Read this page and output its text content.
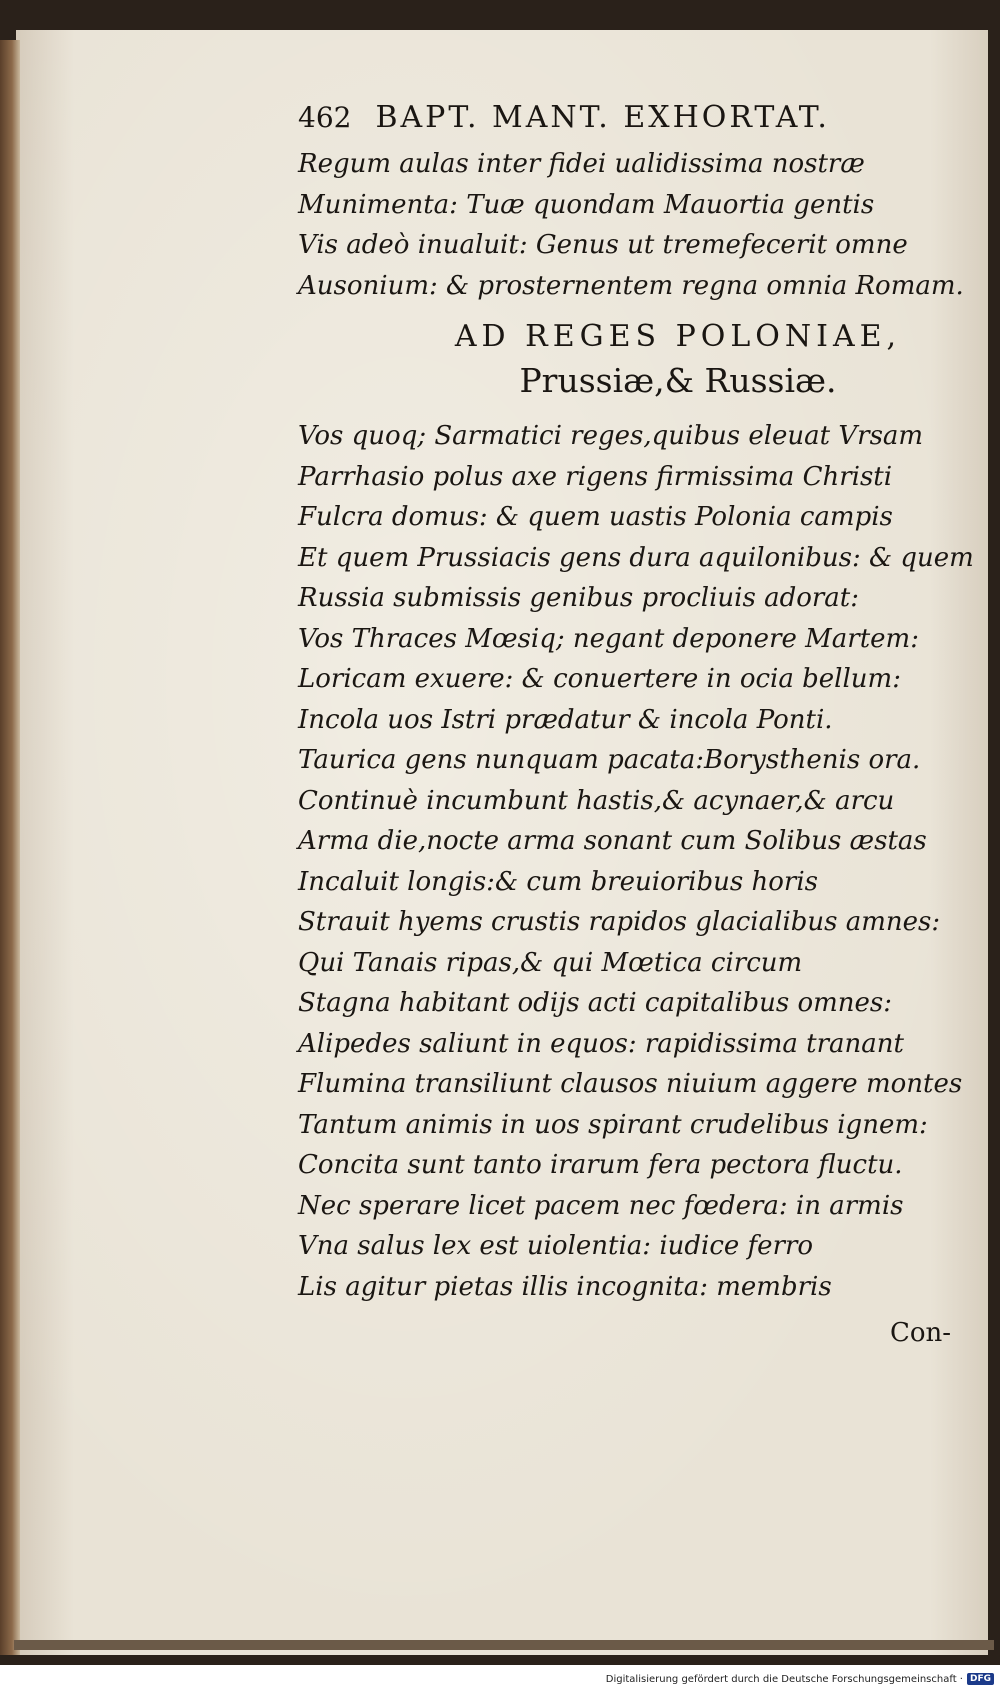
462 BAPT. MANT. EXHORTAT.
Regum aulas inter fidei ualidissima nostræ
Munimenta: Tuæ quondam Mauortia gentis
Vis adeò inualuit: Genus ut tremefecerit omne
Ausonium: & prosternentem regna omnia Romam.
AD REGES POLONIAE,
Prussiæ,& Russiæ.
Vos quoq; Sarmatici reges,quibus eleuat Vrsam
Parrhasio polus axe rigens firmissima Christi
Fulcra domus: & quem uastis Polonia campis
Et quem Prussiacis gens dura aquilonibus: & quem
Russia submissis genibus procliuis adorat:
Vos Thraces Mœsiq; negant deponere Martem:
Loricam exuere: & conuertere in ocia bellum:
Incola uos Istri prædatur & incola Ponti.
Taurica gens nunquam pacata:Borysthenis ora.
Continuè incumbunt hastis,& acynaer,& arcu
Arma die,nocte arma sonant cum Solibus æstas
Incaluit longis:& cum breuioribus horis
Strauit hyems crustis rapidos glacialibus amnes:
Qui Tanais ripas,& qui Mœtica circum
Stagna habitant odijs acti capitalibus omnes:
Alipedes saliunt in equos: rapidissima tranant
Flumina transiliunt clausos niuium aggere montes
Tantum animis in uos spirant crudelibus ignem:
Concita sunt tanto irarum fera pectora fluctu.
Nec sperare licet pacem nec fœdera: in armis
Vna salus lex est uiolentia: iudice ferro
Lis agitur pietas illis incognita: membris
Con-
Digitalisierung gefördert durch die Deutsche Forschungsgemeinschaft · DFG
